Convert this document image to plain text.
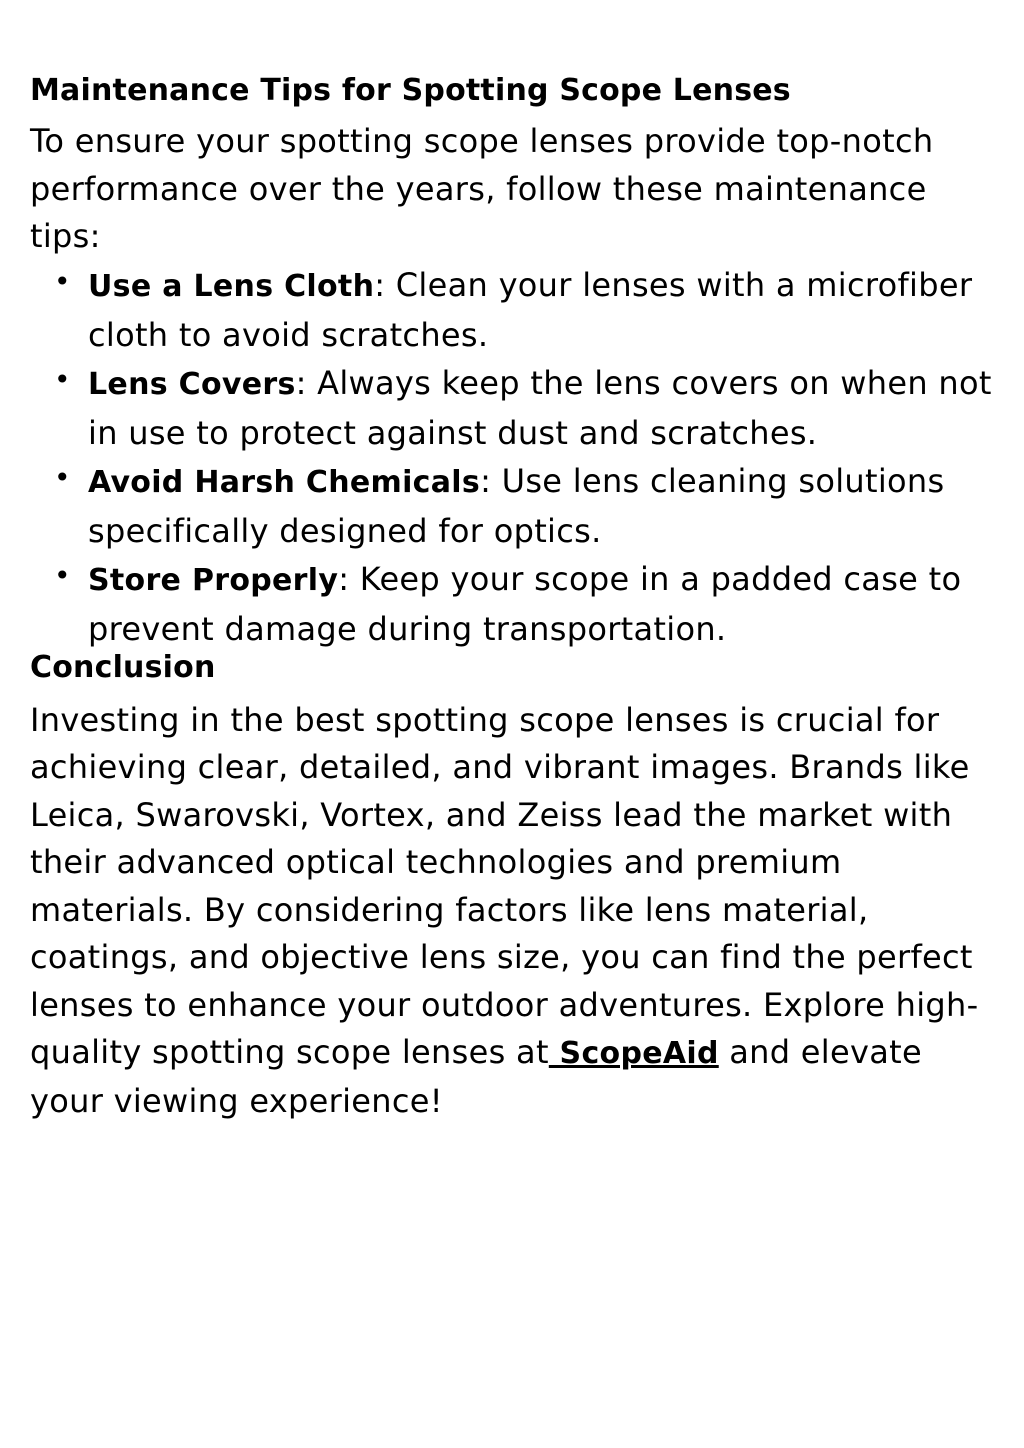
Maintenance Tips for Spotting Scope Lenses

To ensure your spotting scope lenses provide top-notch performance over the years, follow these maintenance tips:

• Use a Lens Cloth: Clean your lenses with a microfiber cloth to avoid scratches.
• Lens Covers: Always keep the lens covers on when not in use to protect against dust and scratches.
• Avoid Harsh Chemicals: Use lens cleaning solutions specifically designed for optics.
• Store Properly: Keep your scope in a padded case to prevent damage during transportation.
Conclusion

Investing in the best spotting scope lenses is crucial for achieving clear, detailed, and vibrant images. Brands like Leica, Swarovski, Vortex, and Zeiss lead the market with their advanced optical technologies and premium materials. By considering factors like lens material, coatings, and objective lens size, you can find the perfect lenses to enhance your outdoor adventures. Explore high-quality spotting scope lenses at ScopeAid and elevate your viewing experience!
